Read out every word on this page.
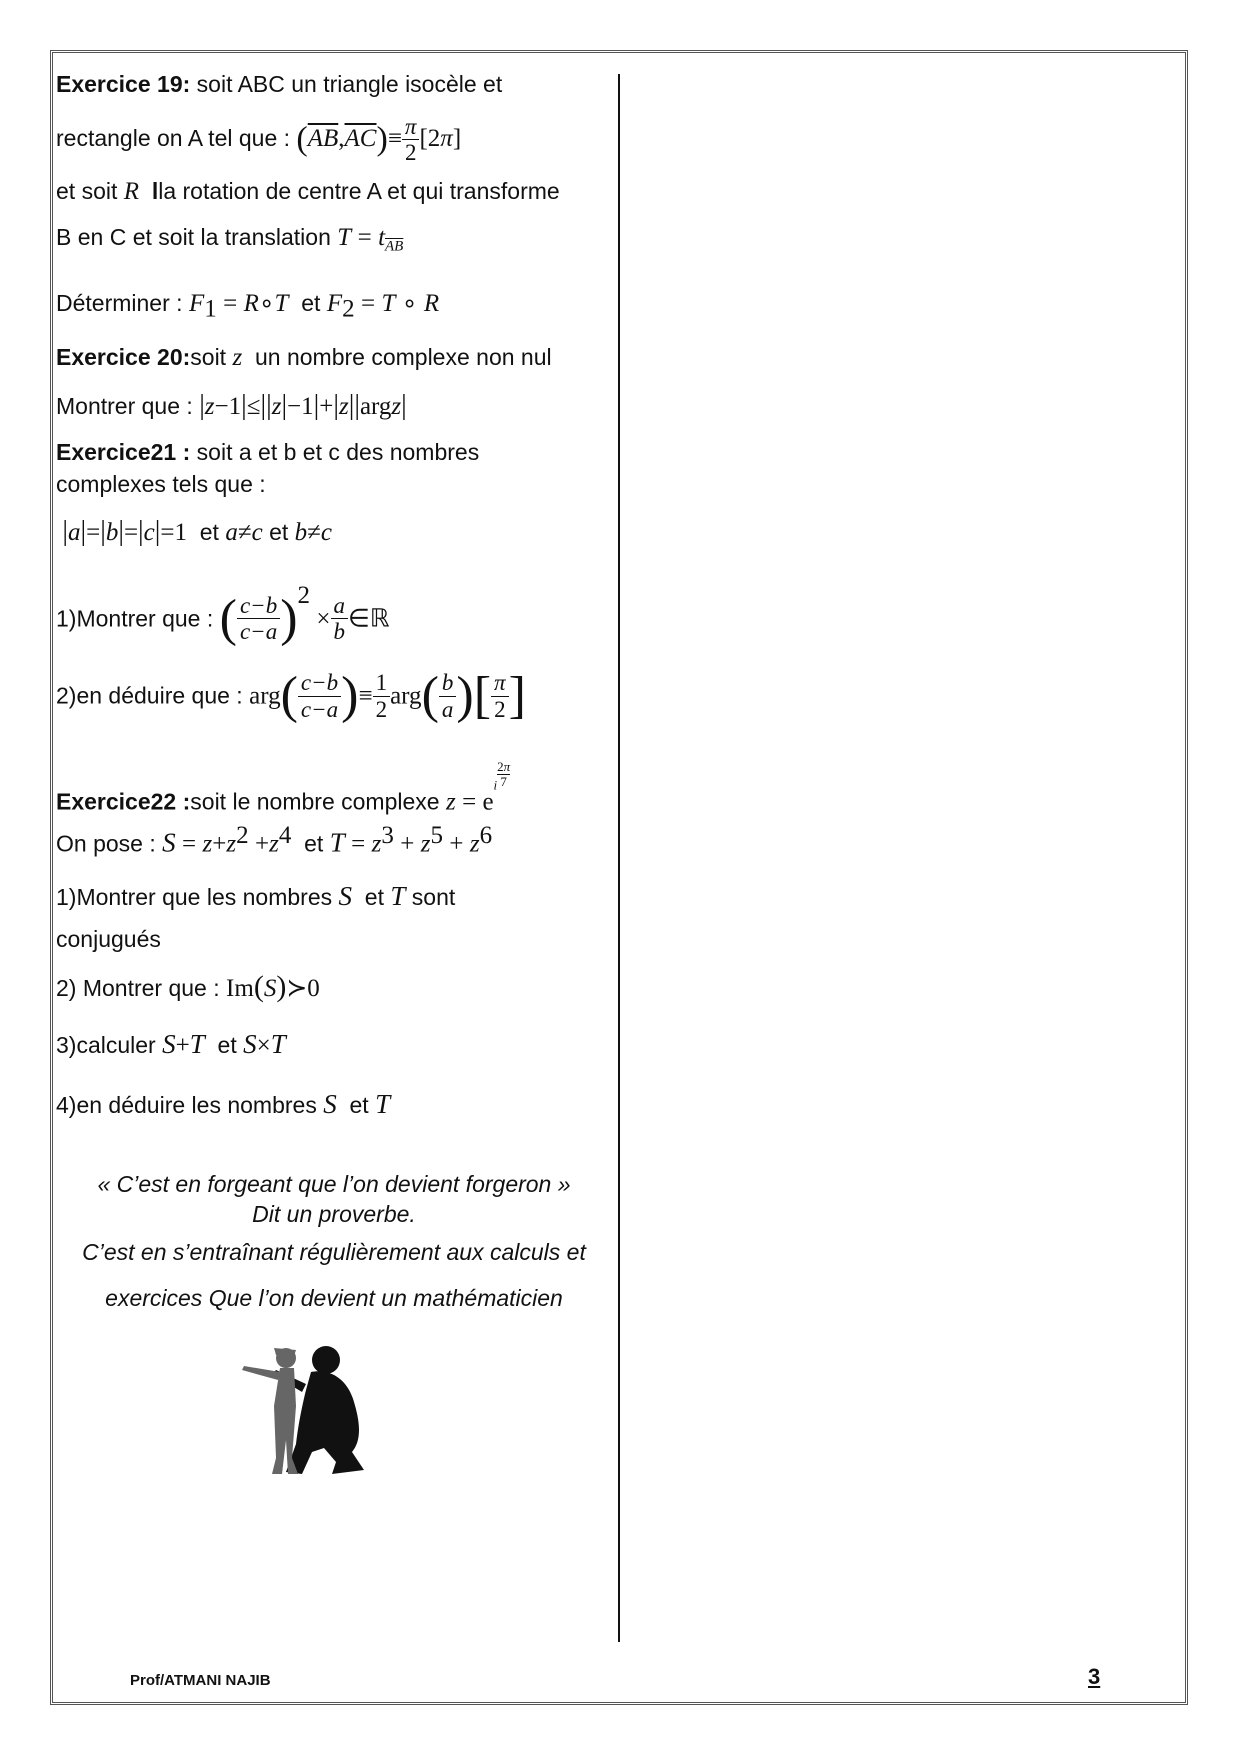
Exercice 19: soit ABC un triangle isocèle et
rectangle on A tel que : $(\overline{AB},\overline{AC})\equiv \frac{\pi}{2} [2\pi]$
et soit R lla rotation de centre A et qui transforme
B en C et soit la translation $T = t_{\overline{AB}}$
Déterminer : $F_1$ = R∘T et $F_2 = T$ ∘ R
Exercice 20:soit z un nombre complexe non nul
Montrer que : |z−1|≤||z|−1|+|z||argz|
Exercice21 : soit a et b et c des nombres
complexes tels que :
|a|=|b|=|c|=1 et a≠c et b≠c
1)Montrer que : ( $\frac{c-b}{c-a} )^2 \times \frac{a}{b}$ ∈ℝ
2)en déduire que : $arg( \frac{c-b}{c-a}$ )≡ $\frac{1}{2} arg( \frac{b}{a}$ )[ $\frac{\pi}{2}$ ]
Exercice22 :soit le nombre complexe $z = e^i \frac{2\pi}{7}$
On pose : $S = z+z^2 +z^4$ et $T = z^3 + z^5 + z^6$
1)Montrer que les nombres S et T sont
conjugués
2) Montrer que : Im(S)≻0
3)calculer S+T et S×T
4)en déduire les nombres S et T
« C’est en forgeant que l’on devient forgeron »
Dit un proverbe.
C’est en s’entraînant régulièrement aux calculs et
exercices Que l’on devient un mathématicien
Prof/ATMANI NAJIB	3
